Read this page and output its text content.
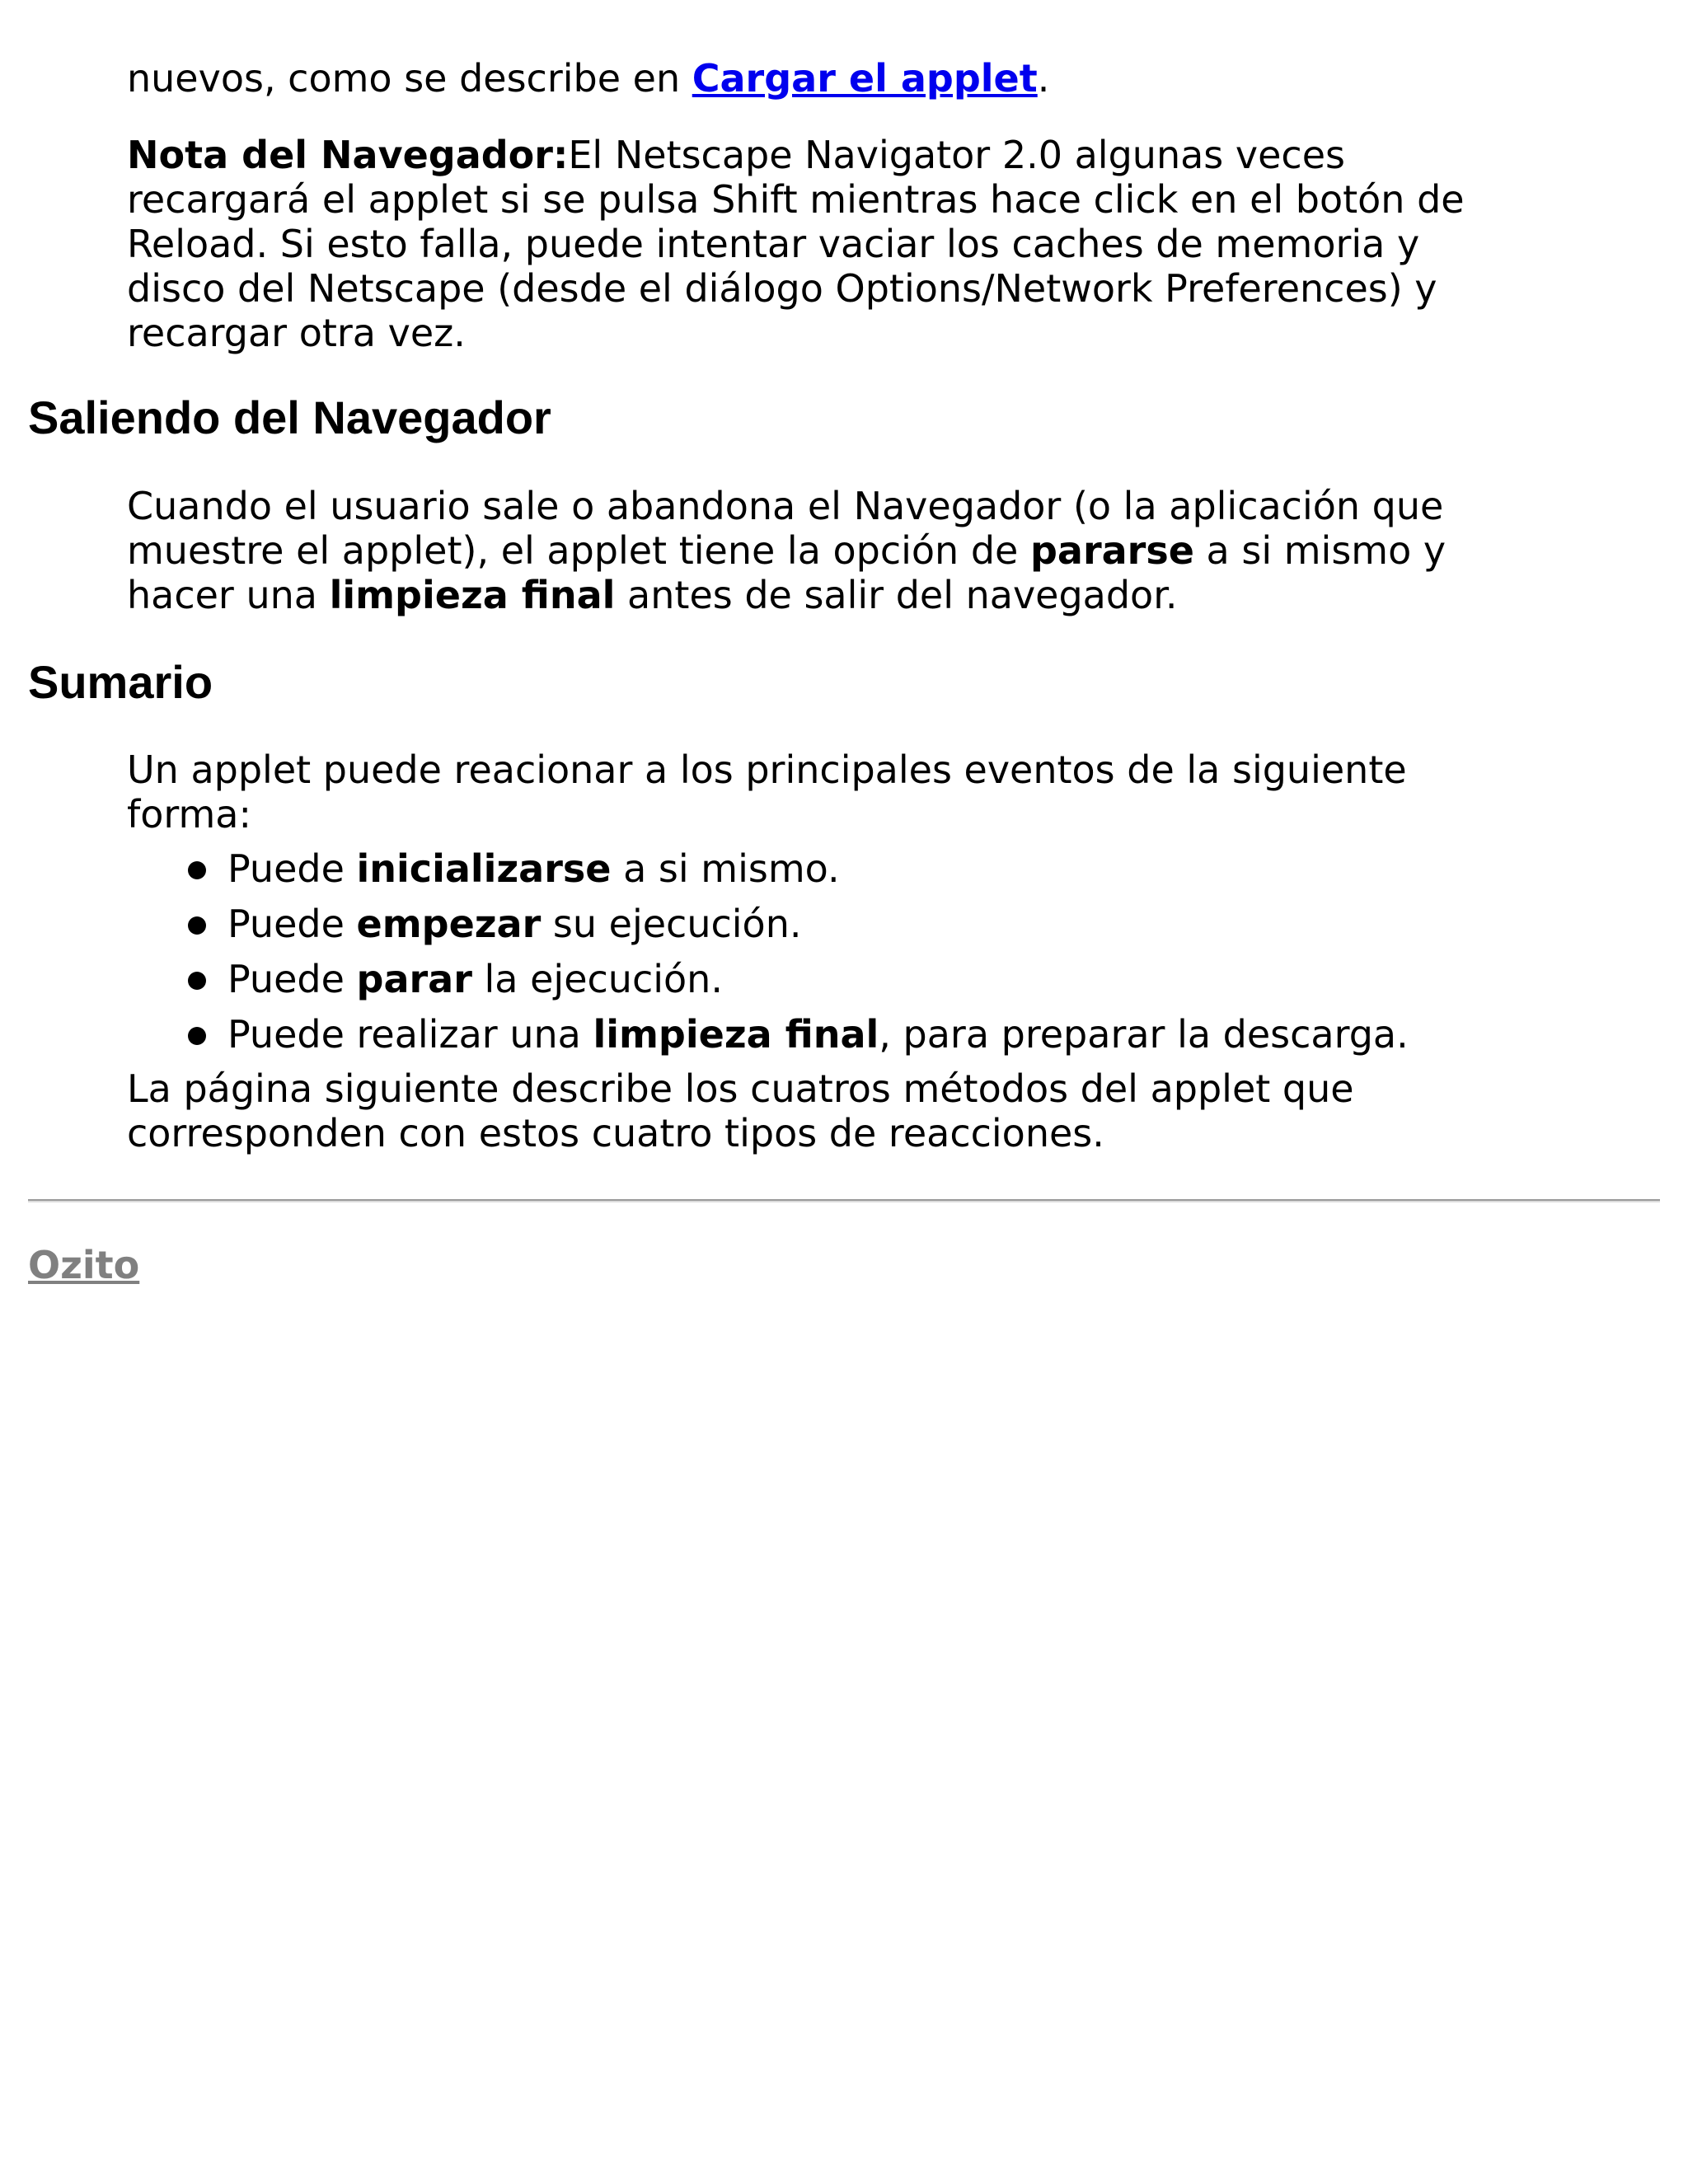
nuevos, como se describe en Cargar el applet.
Nota del Navegador:El Netscape Navigator 2.0 algunas veces recargará el applet si se pulsa Shift mientras hace click en el botón de Reload. Si esto falla, puede intentar vaciar los caches de memoria y disco del Netscape (desde el diálogo Options/Network Preferences) y recargar otra vez.
Saliendo del Navegador
Cuando el usuario sale o abandona el Navegador (o la aplicación que muestre el applet), el applet tiene la opción de pararse a si mismo y hacer una limpieza final antes de salir del navegador.
Sumario
Un applet puede reacionar a los principales eventos de la siguiente forma:
Puede inicializarse a si mismo.
Puede empezar su ejecución.
Puede parar la ejecución.
Puede realizar una limpieza final, para preparar la descarga.
La página siguiente describe los cuatros métodos del applet que corresponden con estos cuatro tipos de reacciones.
Ozito
